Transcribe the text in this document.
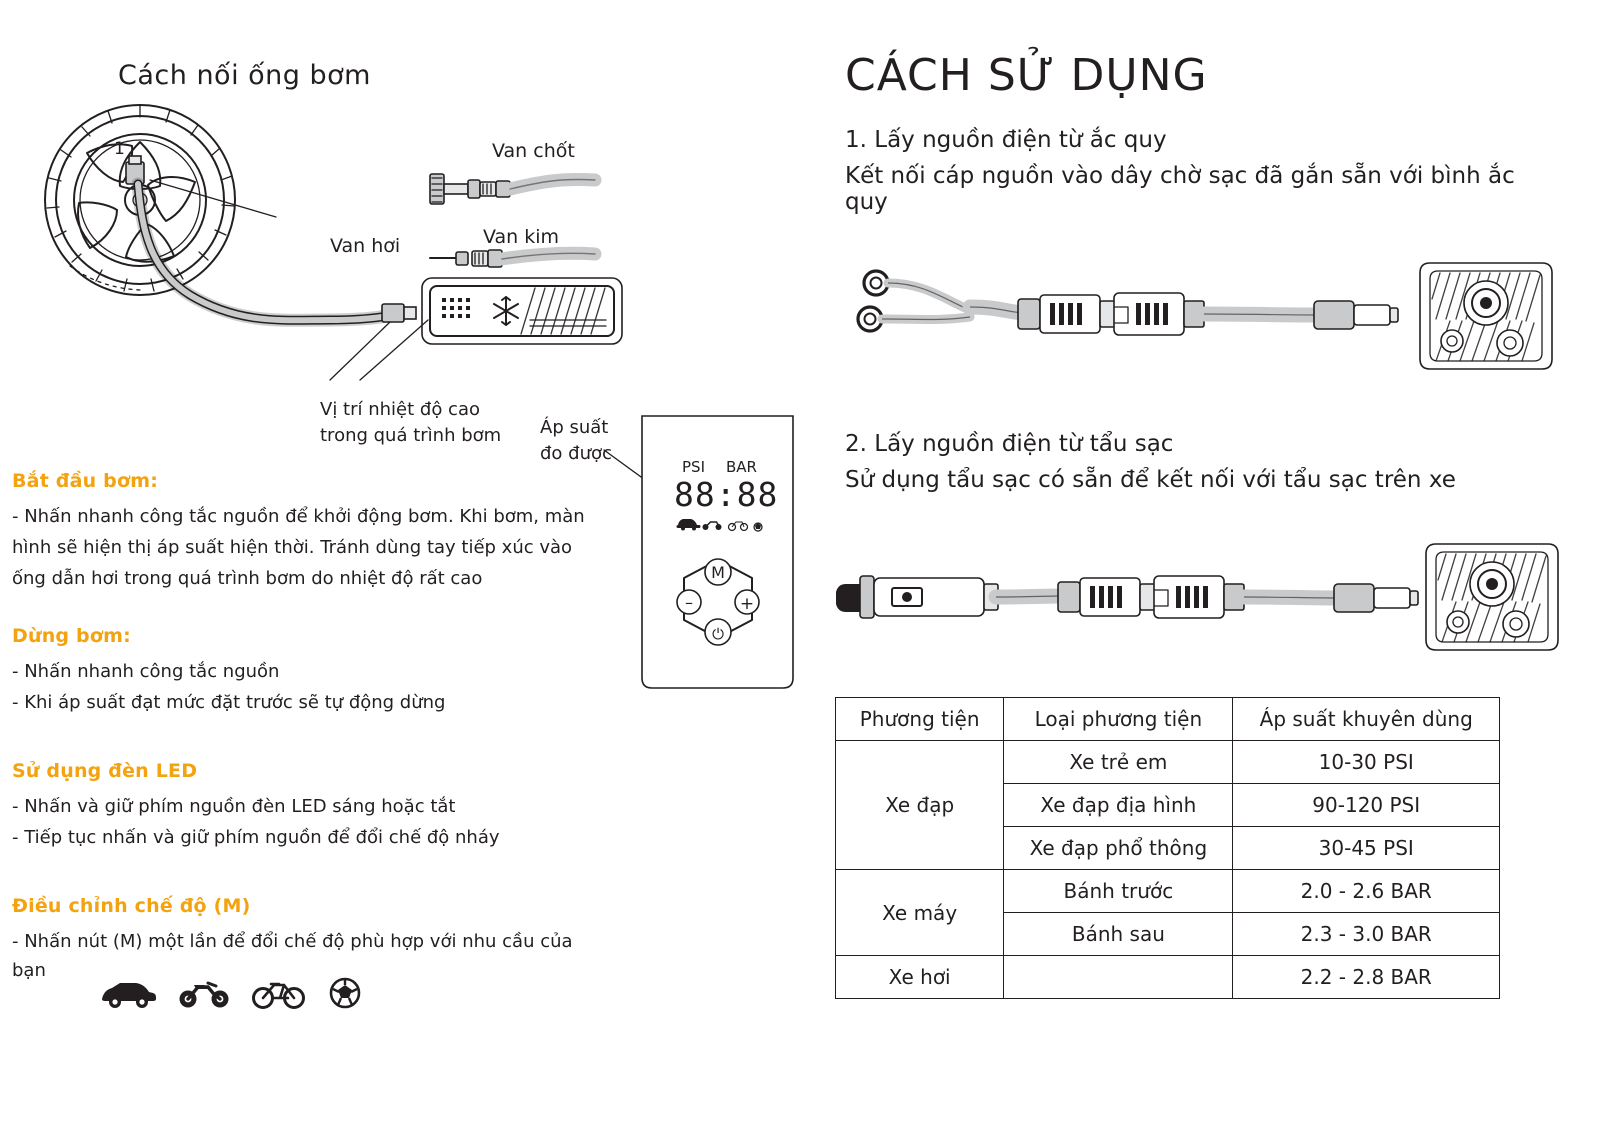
Cách nối ống bơm
1
Van hơi
Van chốt
Van kim
Vị trí nhiệt độ cao
trong quá trình bơm Áp suất
đo được
PSI BAR
88:88
M
–	+
⏻
Bắt đầu bơm:
- Nhấn nhanh công tắc nguồn để khởi động bơm. Khi bơm, màn
hình sẽ hiện thị áp suất hiện thời. Tránh dùng tay tiếp xúc vào
ống dẫn hơi trong quá trình bơm do nhiệt độ rất cao
Dừng bơm:
- Nhấn nhanh công tắc nguồn
- Khi áp suất đạt mức đặt trước sẽ tự động dừng
Sử dụng đèn LED
- Nhấn và giữ phím nguồn đèn LED sáng hoặc tắt
- Tiếp tục nhấn và giữ phím nguồn để đổi chế độ nháy
Điều chỉnh chế độ (M)
- Nhấn nút (M) một lần để đổi chế độ phù hợp với nhu cầu của bạn
CÁCH SỬ DỤNG
1. Lấy nguồn điện từ ắc quy
Kết nối cáp nguồn vào dây chờ sạc đã gắn sẵn với bình ắc quy
2. Lấy nguồn điện từ tẩu sạc
Sử dụng tẩu sạc có sẵn để kết nối với tẩu sạc trên xe
Phương tiện	Loại phương tiện	Áp suất khuyên dùng
Xe đạp	Xe trẻ em	10-30 PSI
	Xe đạp địa hình	90-120 PSI
	Xe đạp phổ thông	30-45 PSI
Xe máy	Bánh trước	2.0 - 2.6 BAR
	Bánh sau	2.3 - 3.0 BAR
Xe hơi		2.2 - 2.8 BAR
